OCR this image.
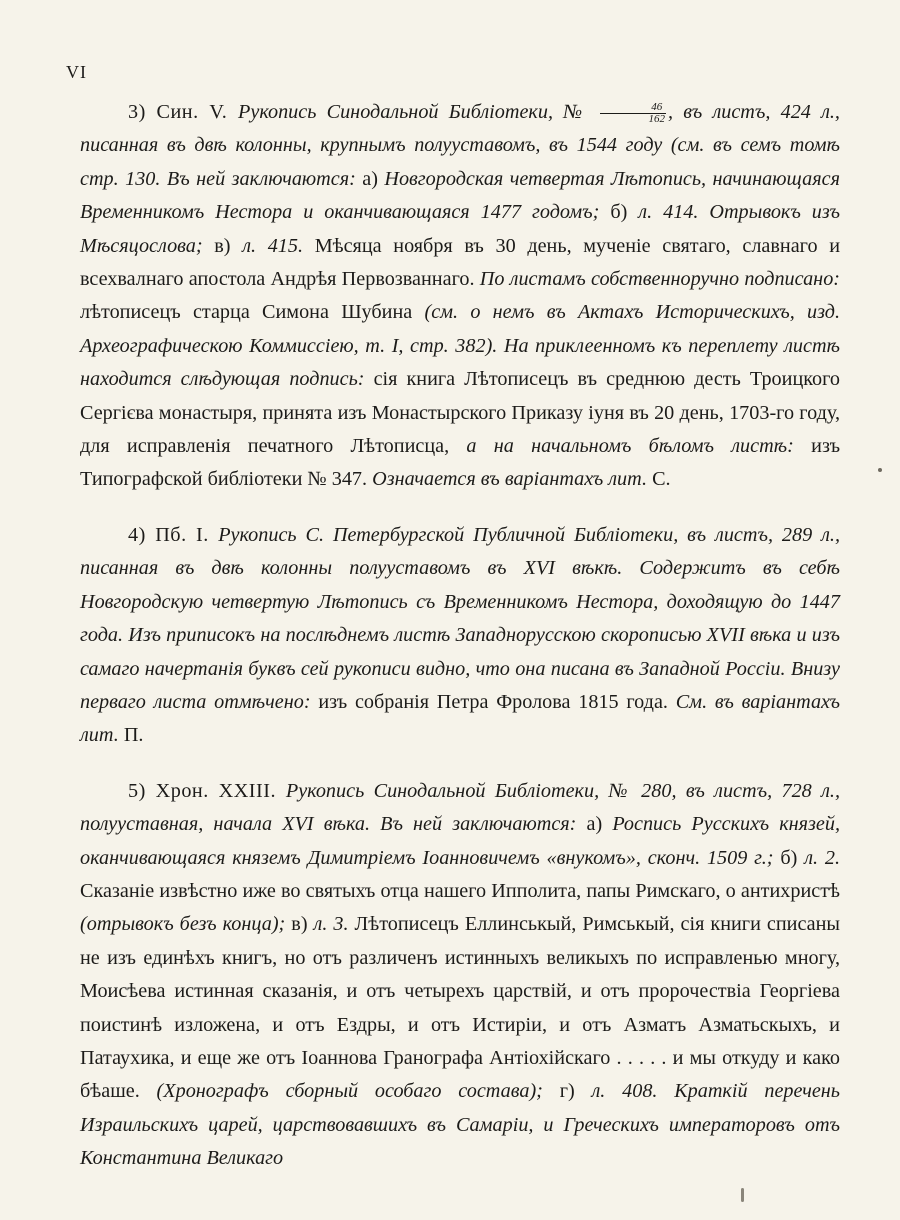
VI

3) Син. V. Рукопись Синодальной Библіотеки, № $\frac{46}{162}$ , въ листъ, 424 л., писанная въ двѣ колонны, крупнымъ полууставомъ, въ 1544 году (см. въ семъ томѣ стр. 130. Въ ней заключаются: а) Новгородская четвертая Лѣтопись, начинающаяся Временникомъ Нестора и оканчивающаяся 1477 годомъ; б) л. 414. Отрывокъ изъ Мѣсяцослова; в) л. 415. Мѣсяца ноября въ 30 день, мученіе святаго, славнаго и всехвалнаго апостола Андрѣя Первозваннаго. По листамъ собственноручно подписано: лѣтописецъ старца Симона Шубина (см. о немъ въ Актахъ Историческихъ, изд. Археографическою Коммиссіею, т. I, стр. 382). На приклеенномъ къ переплету листѣ находится слѣдующая подпись: сія книга Лѣтописецъ въ среднюю десть Троицкого Сергієва монастыря, принята изъ Монастырского Приказу іуня въ 20 день, 1703-го году, для исправленія печатного Лѣтописца, а на начальномъ бѣломъ листѣ: изъ Типографской библіотеки № 347. Означается въ варіантахъ лит. С.

4) Пб. I. Рукопись С. Петербургской Публичной Библіотеки, въ листъ, 289 л., писанная въ двѣ колонны полууставомъ въ XVI вѣкѣ. Содержитъ въ себѣ Новгородскую четвертую Лѣтопись съ Временникомъ Нестора, доходящую до 1447 года. Изъ приписокъ на послѣднемъ листѣ Западнорусскою скорописью XVII вѣка и изъ самаго начертанія буквъ сей рукописи видно, что она писана въ Западной Россіи. Внизу перваго листа отмѣчено: изъ собранія Петра Фролова 1815 года. См. въ варіантахъ лит. П.

5) Хрон. XXIII. Рукопись Синодальной Библіотеки, № 280, въ листъ, 728 л., полууставная, начала XVI вѣка. Въ ней заключаются: а) Роспись Русскихъ князей, оканчивающаяся княземъ Димитріемъ Іоанновичемъ «внукомъ», сконч. 1509 г.; б) л. 2. Сказаніе извѣстно иже во святыхъ отца нашего Ипполита, папы Римскаго, о антихристѣ (отрывокъ безъ конца); в) л. 3. Лѣтописецъ Еллинськый, Римськый, сія книги списаны не изъ единѣхъ книгъ, но отъ различенъ истинныхъ великыхъ по исправленью многу, Моисѣева истинная сказанія, и отъ четырехъ царствій, и отъ пророчествіа Георгіева поистинѣ изложена, и отъ Ездры, и отъ Истиріи, и отъ Азматъ Азматьскыхъ, и Патаухика, и еще же отъ Іоаннова Гранографа Антіохійскаго . . . . . и мы откуду и како бѣаше. (Хронографъ сборный особаго состава); г) л. 408. Краткій перечень Израильскихъ царей, царствовавшихъ въ Самаріи, и Греческихъ императоровъ отъ Константина Великаго
